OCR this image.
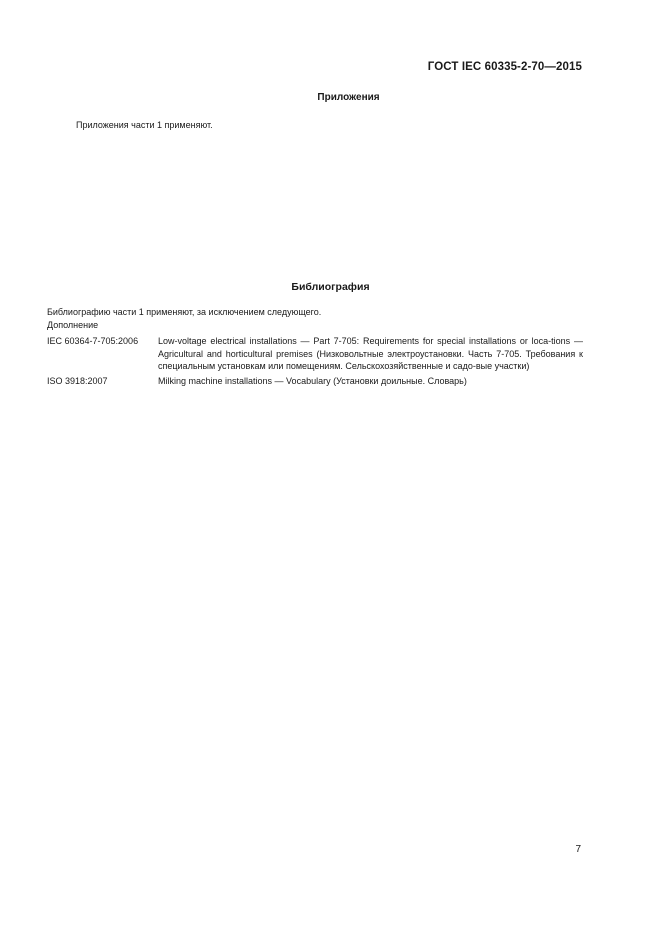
ГОСТ IEC 60335-2-70—2015
Приложения

Приложения части 1 применяют.

Библиография

Библиографию части 1 применяют, за исключением следующего.

Дополнение

IEC 60364-7-705:2006	Low-voltage electrical installations — Part 7-705: Requirements for special installations or loca-tions — Agricultural and horticultural premises (Низковольтные электроустановки. Часть 7-705. Требования к специальным установкам или помещениям. Сельскохозяйственные и садо-вые участки)
ISO 3918:2007	Milking machine installations — Vocabulary (Установки доильные. Словарь)
7
